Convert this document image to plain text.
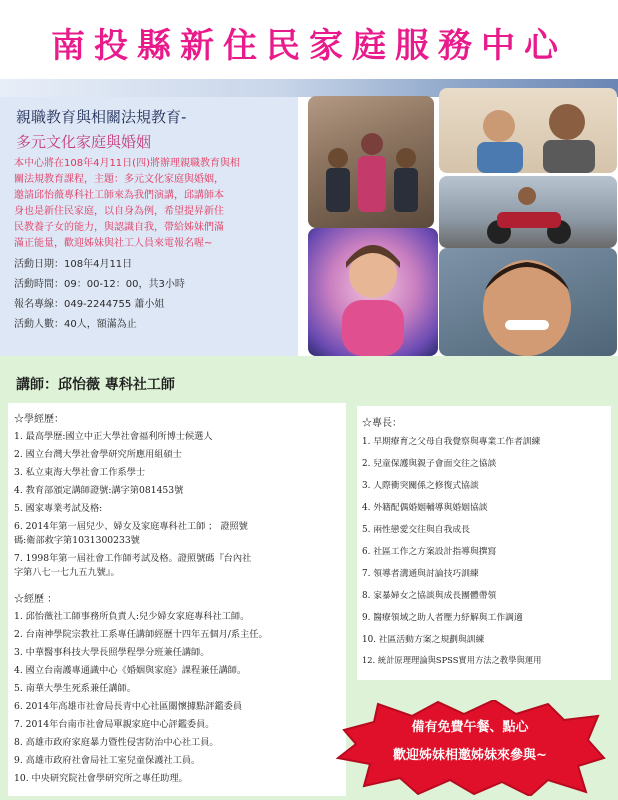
南投縣新住民家庭服務中心
親職教育與相關法規教育-
多元文化家庭與婚姻
本中心將在108年4月11日(四)將辦理親職教育與相
關法規教育課程，主題：多元文化家庭與婚姻，
邀請邱怡薇專科社工師來為我們演講，邱講師本
身也是新住民家庭，以自身為例，希望提昇新住
民教養子女的能力，與認識自我，帶給姊妹們滿
滿正能量，歡迎姊妹與社工人員來電報名喔~
活動日期：108年4月11日
活動時間：09：00-12：00，共3小時
報名專線：049-2244755 蕭小姐
活動人數：40人，額滿為止
講師：邱怡薇 專科社工師
☆學經歷：
1. 最高學歷:國立中正大學社會福利所博士候選人
2. 國立台灣大學社會學研究所應用組碩士
3. 私立東海大學社會工作系學士
4. 教育部頒定講師證號:講字第081453號
5. 國家專業考試及格:
6. 2014年第一屆兒少、婦女及家庭專科社工師 ； 證照號
碼:衛部救字第1031300233號
7. 1998年第一屆社會工作師考試及格。證照號碼『台內社
字第八七一七九五九號』。
☆經歷 ：
1. 邱怡薇社工師事務所負責人:兒少婦女家庭專科社工師。
2. 台南神學院宗教社工系專任講師經歷十四年五個月/系主任。
3. 中華醫事科技大學長照學程學分班兼任講師。
4. 國立台南護專通識中心《婚姻與家庭》課程兼任講師。
5. 南華大學生死系兼任講師。
6. 2014年高雄市社會局長青中心社區關懷據點評鑑委員
7. 2014年台南市社會局單親家庭中心評鑑委員。
8. 高雄市政府家庭暴力暨性侵害防治中心社工員。
9. 高雄市政府社會局社工室兒童保護社工員。
10. 中央研究院社會學研究所之專任助理。
☆專長：
1. 早期療育之父母自我覺察與專業工作者訓練
2. 兒童保護與親子會面交往之協談
3. 人際衝突關係之修復式協談
4. 外籍配偶婚姻輔導與婚姻協談
5. 兩性戀愛交往與自我成長
6. 社區工作之方案設計指導與撰寫
7. 領導者溝通與討論技巧訓練
8. 家暴婦女之協談與成長團體帶領
9. 醫療領域之助人者壓力紓解與工作調適
10. 社區活動方案之規劃與訓練
12. 統計原理理論與SPSS實用方法之教學與運用
備有免費午餐、點心
歡迎姊妹相邀姊妹來參與~
